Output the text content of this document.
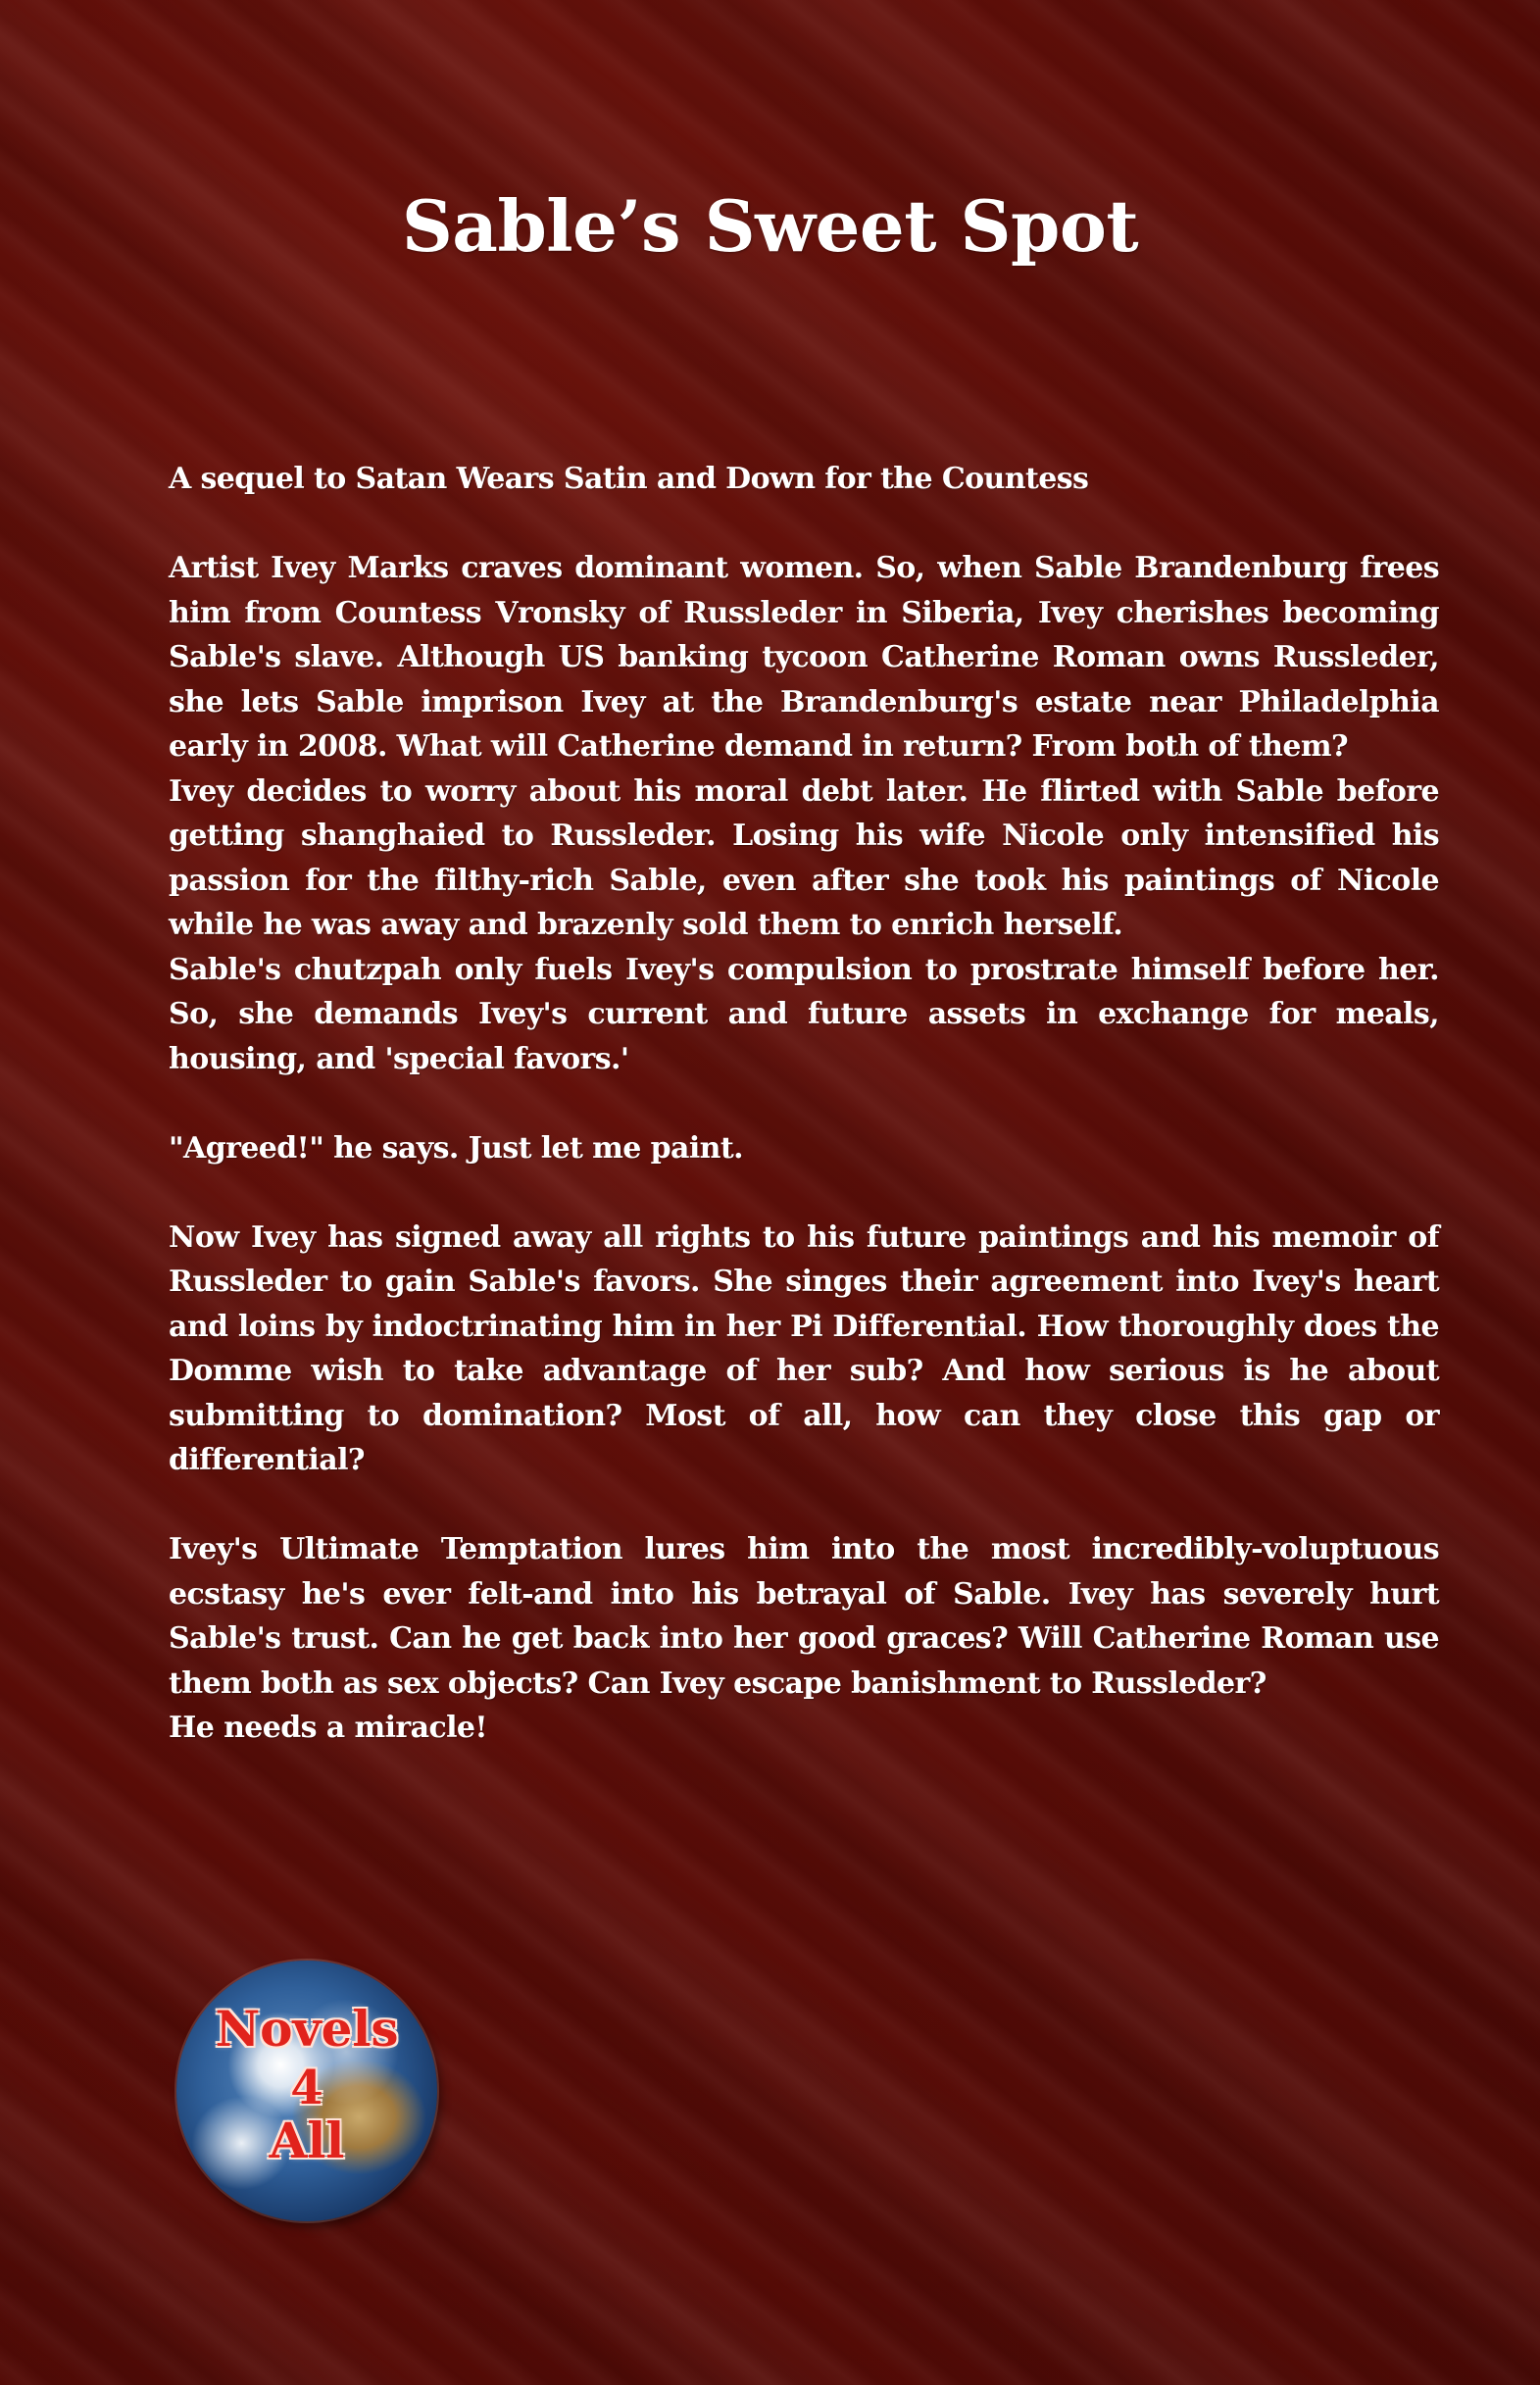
Sable’s Sweet Spot

A sequel to Satan Wears Satin and Down for the Countess

Artist Ivey Marks craves dominant women. So, when Sable Brandenburg frees him from Countess Vronsky of Russleder in Siberia, Ivey cherishes becoming Sable's slave. Although US banking tycoon Catherine Roman owns Russleder, she lets Sable imprison Ivey at the Brandenburg's estate near Philadelphia early in 2008. What will Catherine demand in return? From both of them?

Ivey decides to worry about his moral debt later. He flirted with Sable before getting shanghaied to Russleder. Losing his wife Nicole only intensified his passion for the filthy-rich Sable, even after she took his paintings of Nicole while he was away and brazenly sold them to enrich herself.

Sable's chutzpah only fuels Ivey's compulsion to prostrate himself before her. So, she demands Ivey's current and future assets in exchange for meals, housing, and 'special favors.'

"Agreed!" he says. Just let me paint.

Now Ivey has signed away all rights to his future paintings and his memoir of Russleder to gain Sable's favors. She singes their agreement into Ivey's heart and loins by indoctrinating him in her Pi Differential. How thoroughly does the Domme wish to take advantage of her sub? And how serious is he about submitting to domination? Most of all, how can they close this gap or differential?

Ivey's Ultimate Temptation lures him into the most incredibly-voluptuous ecstasy he's ever felt-and into his betrayal of Sable. Ivey has severely hurt Sable's trust. Can he get back into her good graces? Will Catherine Roman use them both as sex objects? Can Ivey escape banishment to Russleder?

He needs a miracle!

Novels
4
All
